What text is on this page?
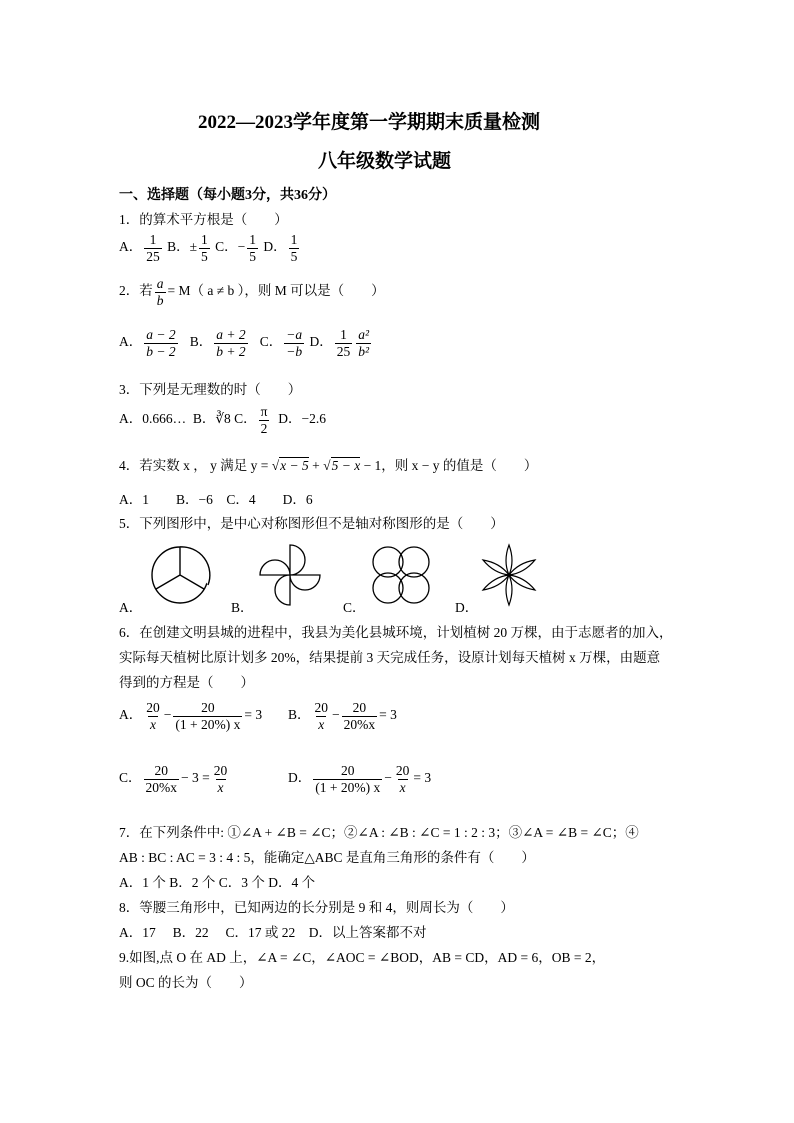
2022—2023学年度第一学期期末质量检测
八年级数学试题
一、选择题（每小题3分，共36分）
1．的算术平方根是（　　）
A． $\frac{1}{25}$ B．± $\frac{1}{5}$ C．− $\frac{1}{5}$ D． $\frac{1}{5}$
2．若 $\frac{a}{b} = M$（ a ≠ b ），则 M 可以是（　　）
A． $\frac{a - 2}{b - 2}$ B． $\frac{a + 2}{b + 2}$ C． $\frac{-a}{-b}$ D． $\frac{1}{25} \frac{\text{a²}}{\text{b²}}$
3．下列是无理数的时（　　）
A．0.666… B．∛8 C． $\frac{\pi}{2}$ D．−2.6
4．若实数 x ， y 满足 y = √x − 5 + √5 − x − 1，则 x − y 的值是（　　）
A．1　　B．−6　C．4　　D．6
5．下列图形中，是中心对称图形但不是轴对称图形的是（　　）
A．	B．	C．	D．
6．在创建文明县城的进程中，我县为美化县城环境，计划植树 20 万棵，由于志愿者的加入，
实际每天植树比原计划多 20%，结果提前 3 天完成任务，设原计划每天植树 x 万棵，由题意
得到的方程是（　　）
A． $\frac{20}{x} - \frac{20}{(1 + 20\%) x} = 3$ B． $\frac{20}{x} - \frac{20}{20\%x} = 3$
C． $\frac{20}{20\%x} - 3 = \frac{20}{x}$	D． $\frac{20}{(1 + 20\%) x} - \frac{20}{x} = 3$
7．在下列条件中: ①∠A + ∠B = ∠C；②∠A : ∠B : ∠C = 1 : 2 : 3；③∠A = ∠B = ∠C；④
AB : BC : AC = 3 : 4 : 5，能确定△ABC 是直角三角形的条件有（　　）
A．1 个 B．2 个 C．3 个 D．4 个
8．等腰三角形中，已知两边的长分别是 9 和 4，则周长为（　　）
A．17　 B．22　 C．17 或 22　D．以上答案都不对
9.如图,点 O 在 AD 上，∠A = ∠C，∠AOC = ∠BOD，AB = CD，AD = 6，OB = 2，
则 OC 的长为（　　）
